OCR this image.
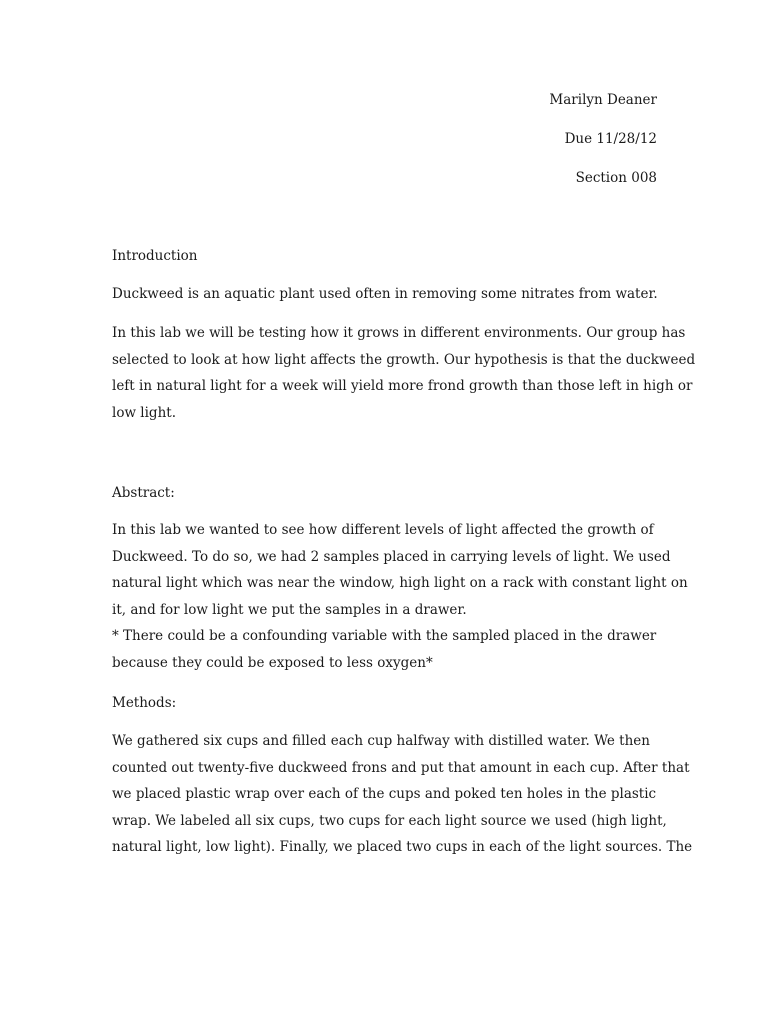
Marilyn Deaner
Due 11/28/12
Section 008
Introduction
Duckweed is an aquatic plant used often in removing some nitrates from water.
In this lab we will be testing how it grows in different environments. Our group has
selected to look at how light affects the growth. Our hypothesis is that the duckweed
left in natural light for a week will yield more frond growth than those left in high or
low light.
Abstract:
In this lab we wanted to see how different levels of light affected the growth of
Duckweed. To do so, we had 2 samples placed in carrying levels of light. We used
natural light which was near the window, high light on a rack with constant light on
it, and for low light we put the samples in a drawer.
* There could be a confounding variable with the sampled placed in the drawer
because they could be exposed to less oxygen*
Methods:
We gathered six cups and filled each cup halfway with distilled water. We then
counted out twenty-five duckweed frons and put that amount in each cup. After that
we placed plastic wrap over each of the cups and poked ten holes in the plastic
wrap. We labeled all six cups, two cups for each light source we used (high light,
natural light, low light). Finally, we placed two cups in each of the light sources. The
